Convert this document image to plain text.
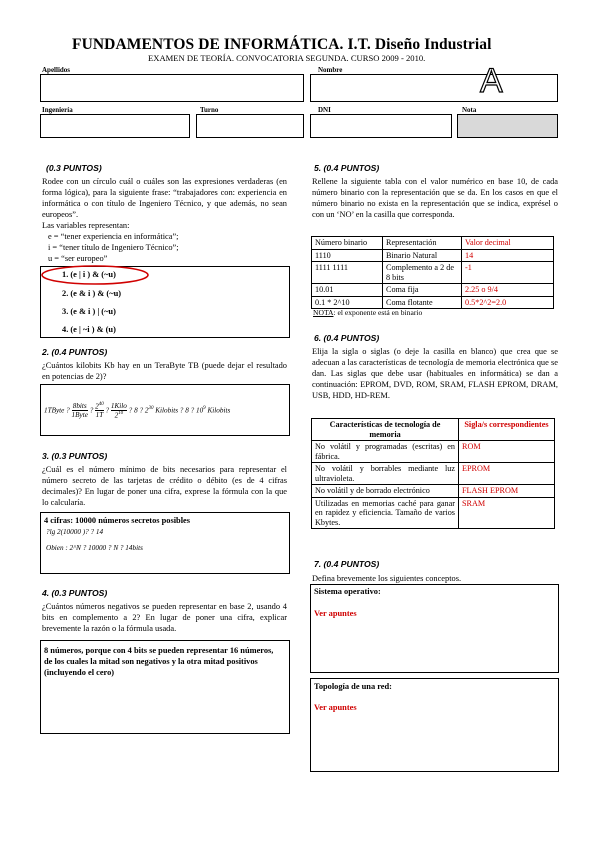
FUNDAMENTOS DE INFORMÁTICA. I.T. Diseño Industrial
EXAMEN DE TEORÍA. CONVOCATORIA SEGUNDA. CURSO 2009 - 2010.
Apellidos	Nombre	A
Ingeniería	Turno	DNI	Nota
(0.3 PUNTOS)
Rodee con un círculo cuál o cuáles son las expresiones verdaderas (en forma lógica), para la siguiente frase: “trabajadores con: experiencia en informática o con título de Ingeniero Técnico, y que además, no sean europeos”.
Las variables representan:
e = “tener experiencia en informática”;
i = “tener título de Ingeniero Técnico”;
u = “ser europeo”
1. (e | i ) & (~u)
2. (e & i ) & (~u)
3. (e & i ) | (~u)
4. (e | ~i ) & (u)
2. (0.4 PUNTOS)
¿Cuántos kilobits Kb hay en un TeraByte TB (puede dejar el resultado en potencias de 2)?
1TByte ?
8bits
1Byte
? $\frac{2^{40}}{1T}$ ?
1Kilo
$2^{10}$ ? 8 ? $2^{30}$ Kilobits ? 8 ? $10^9$ Kilobits
3. (0.3 PUNTOS)
¿Cuál es el número mínimo de bits necesarios para representar el número secreto de las tarjetas de crédito o débito (es de 4 cifras decimales)? En lugar de poner una cifra, exprese la fórmula con la que lo calcularía.
4 cifras: 10000 números secretos posibles
?lg 2(10000 )? ? 14
Obien : 2^N ? 10000 ? N ? 14bits
4. (0.3 PUNTOS)
¿Cuántos números negativos se pueden representar en base 2, usando 4 bits en complemento a 2? En lugar de poner una cifra, explicar brevemente la razón o la fórmula usada.
8 números, porque con 4 bits se pueden representar 16 números, de los cuales la mitad son negativos y la otra mitad positivos (incluyendo el cero)
5. (0.4 PUNTOS)
Rellene la siguiente tabla con el valor numérico en base 10, de cada número binario con la representación que se da. En los casos en que el número binario no exista en la representación que se indica, exprésel o con un ‘NO’ en la casilla que corresponda.
Número binario	Representación	Valor decimal
1110	Binario Natural	14
1111 1111	Complemento a 2 de 8 bits	-1
10.01	Coma fija	2.25 o 9/4
0.1 * 2^10	Coma flotante	0.5*2^2=2.0
NOTA: el exponente está en binario
6. (0.4 PUNTOS)
Elija la sigla o siglas (o deje la casilla en blanco) que crea que se adecuan a las características de tecnología de memoria electrónica que se dan. Las siglas que debe usar (habituales en informática) se dan a continuación: EPROM, DVD, ROM, SRAM, FLASH EPROM, DRAM, USB, HDD, HD-REM.
Características de tecnología de memoria	Sigla/s correspondientes
No volátil y programadas (escritas) en fábrica.	ROM
No volátil y borrables mediante luz ultravioleta.	EPROM
No volátil y de borrado electrónico	FLASH EPROM
Utilizadas en memorias caché para ganar en rapidez y eficiencia. Tamaño de varios Kbytes.	SRAM
7. (0.4 PUNTOS)
Defina brevemente los siguientes conceptos.
Sistema operativo:
Ver apuntes
Topología de una red:
Ver apuntes
